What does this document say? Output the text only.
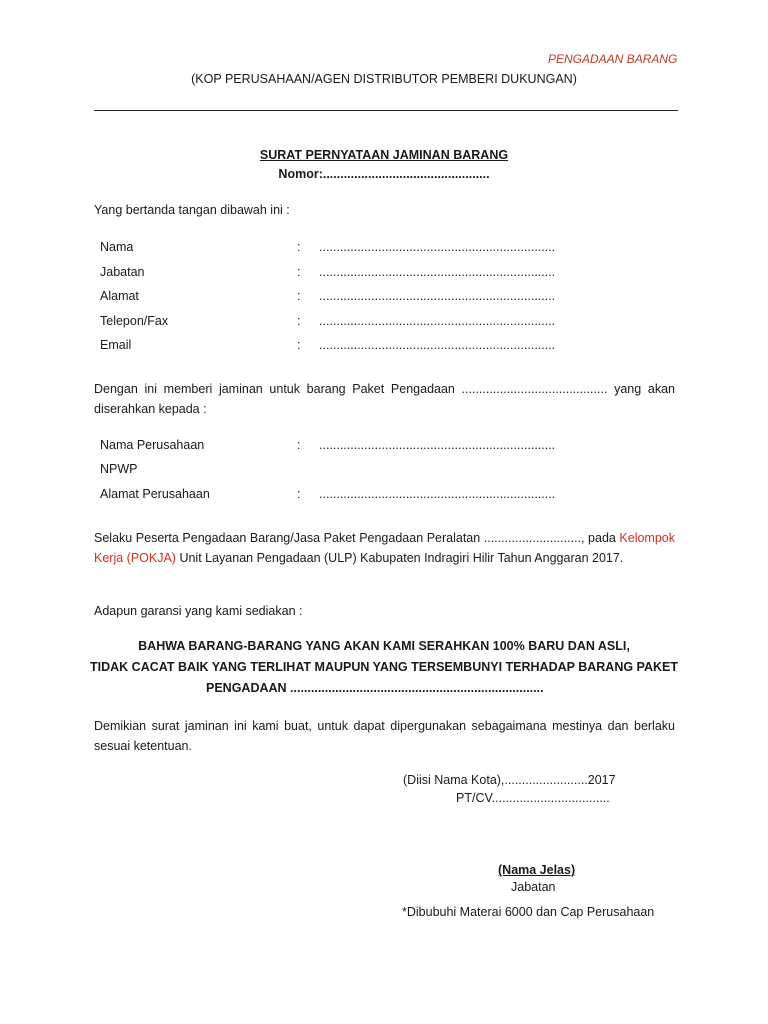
PENGADAAN BARANG
(KOP PERUSAHAAN/AGEN DISTRIBUTOR PEMBERI DUKUNGAN)
SURAT PERNYATAAN JAMINAN BARANG
Nomor:................................................
Yang bertanda tangan dibawah ini :
Nama	: ....................................................................
Jabatan	: ....................................................................
Alamat	: ....................................................................
Telepon/Fax	: ....................................................................
Email	: ....................................................................
Dengan ini memberi jaminan untuk barang Paket Pengadaan .......................................... yang akan diserahkan kepada :
Nama Perusahaan	: ....................................................................
NPWP
Alamat Perusahaan	: ....................................................................
Selaku Peserta Pengadaan Barang/Jasa Paket Pengadaan Peralatan ............................, pada Kelompok Kerja (POKJA) Unit Layanan Pengadaan (ULP) Kabupaten Indragiri Hilir Tahun Anggaran 2017.
Adapun garansi yang kami sediakan :
BAHWA BARANG-BARANG YANG AKAN KAMI SERAHKAN 100% BARU DAN ASLI,
TIDAK CACAT BAIK YANG TERLIHAT MAUPUN YANG TERSEMBUNYI TERHADAP BARANG PAKET
PENGADAAN .........................................................................
Demikian surat jaminan ini kami buat, untuk dapat dipergunakan sebagaimana mestinya dan berlaku sesuai ketentuan.
(Diisi Nama Kota),........................2017
PT/CV..................................
(Nama Jelas)
Jabatan
*Dibubuhi Materai 6000 dan Cap Perusahaan
